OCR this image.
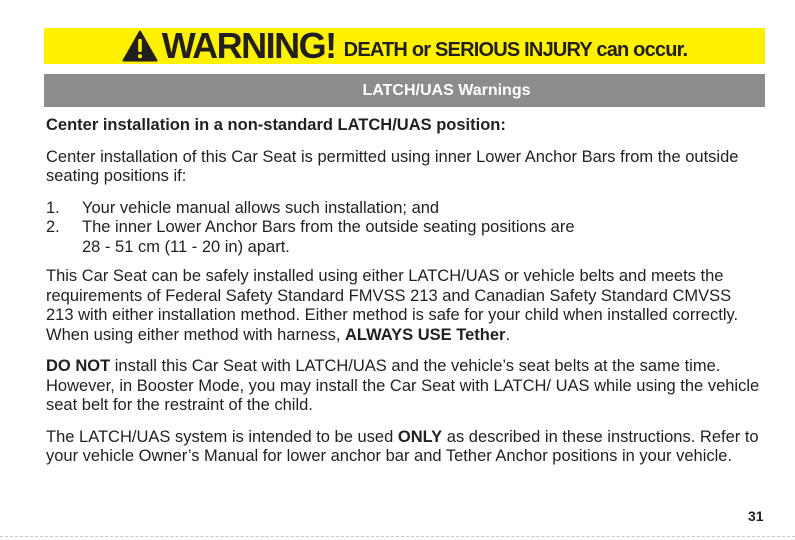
WARNING! DEATH or SERIOUS INJURY can occur.
LATCH/UAS Warnings

Center installation in a non-standard LATCH/UAS position:

Center installation of this Car Seat is permitted using inner Lower Anchor Bars from the outside seating positions if:

1.	Your vehicle manual allows such installation; and
2.	The inner Lower Anchor Bars from the outside seating positions are
28 - 51 cm (11 - 20 in) apart.

This Car Seat can be safely installed using either LATCH/UAS or vehicle belts and meets the requirements of Federal Safety Standard FMVSS 213 and Canadian Safety Standard CMVSS 213 with either installation method. Either method is safe for your child when installed correctly. When using either method with harness, ALWAYS USE Tether.

DO NOT install this Car Seat with LATCH/UAS and the vehicle’s seat belts at the same time. However, in Booster Mode, you may install the Car Seat with LATCH/ UAS while using the vehicle seat belt for the restraint of the child.

The LATCH/UAS system is intended to be used ONLY as described in these instructions. Refer to your vehicle Owner’s Manual for lower anchor bar and Tether Anchor positions in your vehicle.

31
